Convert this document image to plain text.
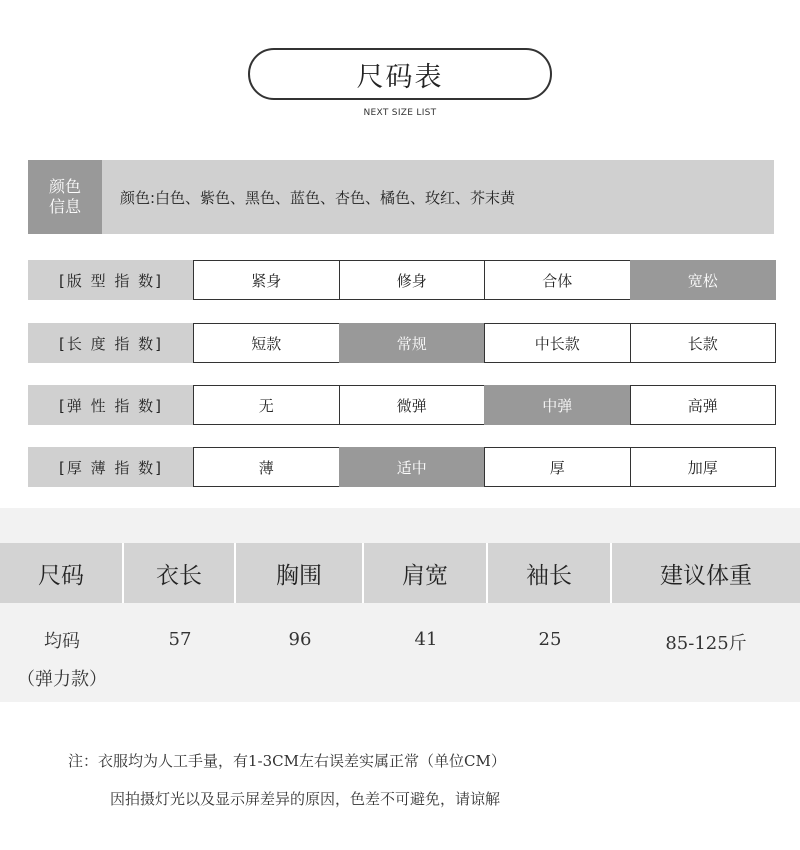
尺码表
NEXT SIZE LIST
颜色
信息	颜色:白色、紫色、黑色、蓝色、杏色、橘色、玫红、芥末黄
[版 型 指 数]	紧身	修身	合体	宽松
[长 度 指 数]	短款	常规	中长款	长款
[弹 性 指 数]	无	微弹	中弹	高弹
[厚 薄 指 数]	薄	适中	厚	加厚
尺码	衣长	胸围	肩宽	袖长	建议体重
均码
（弹力款）
57	96	41	25	85-125斤
注：衣服均为人工手量，有1-3CM左右误差实属正常（单位CM）
因拍摄灯光以及显示屏差异的原因，色差不可避免，请谅解
